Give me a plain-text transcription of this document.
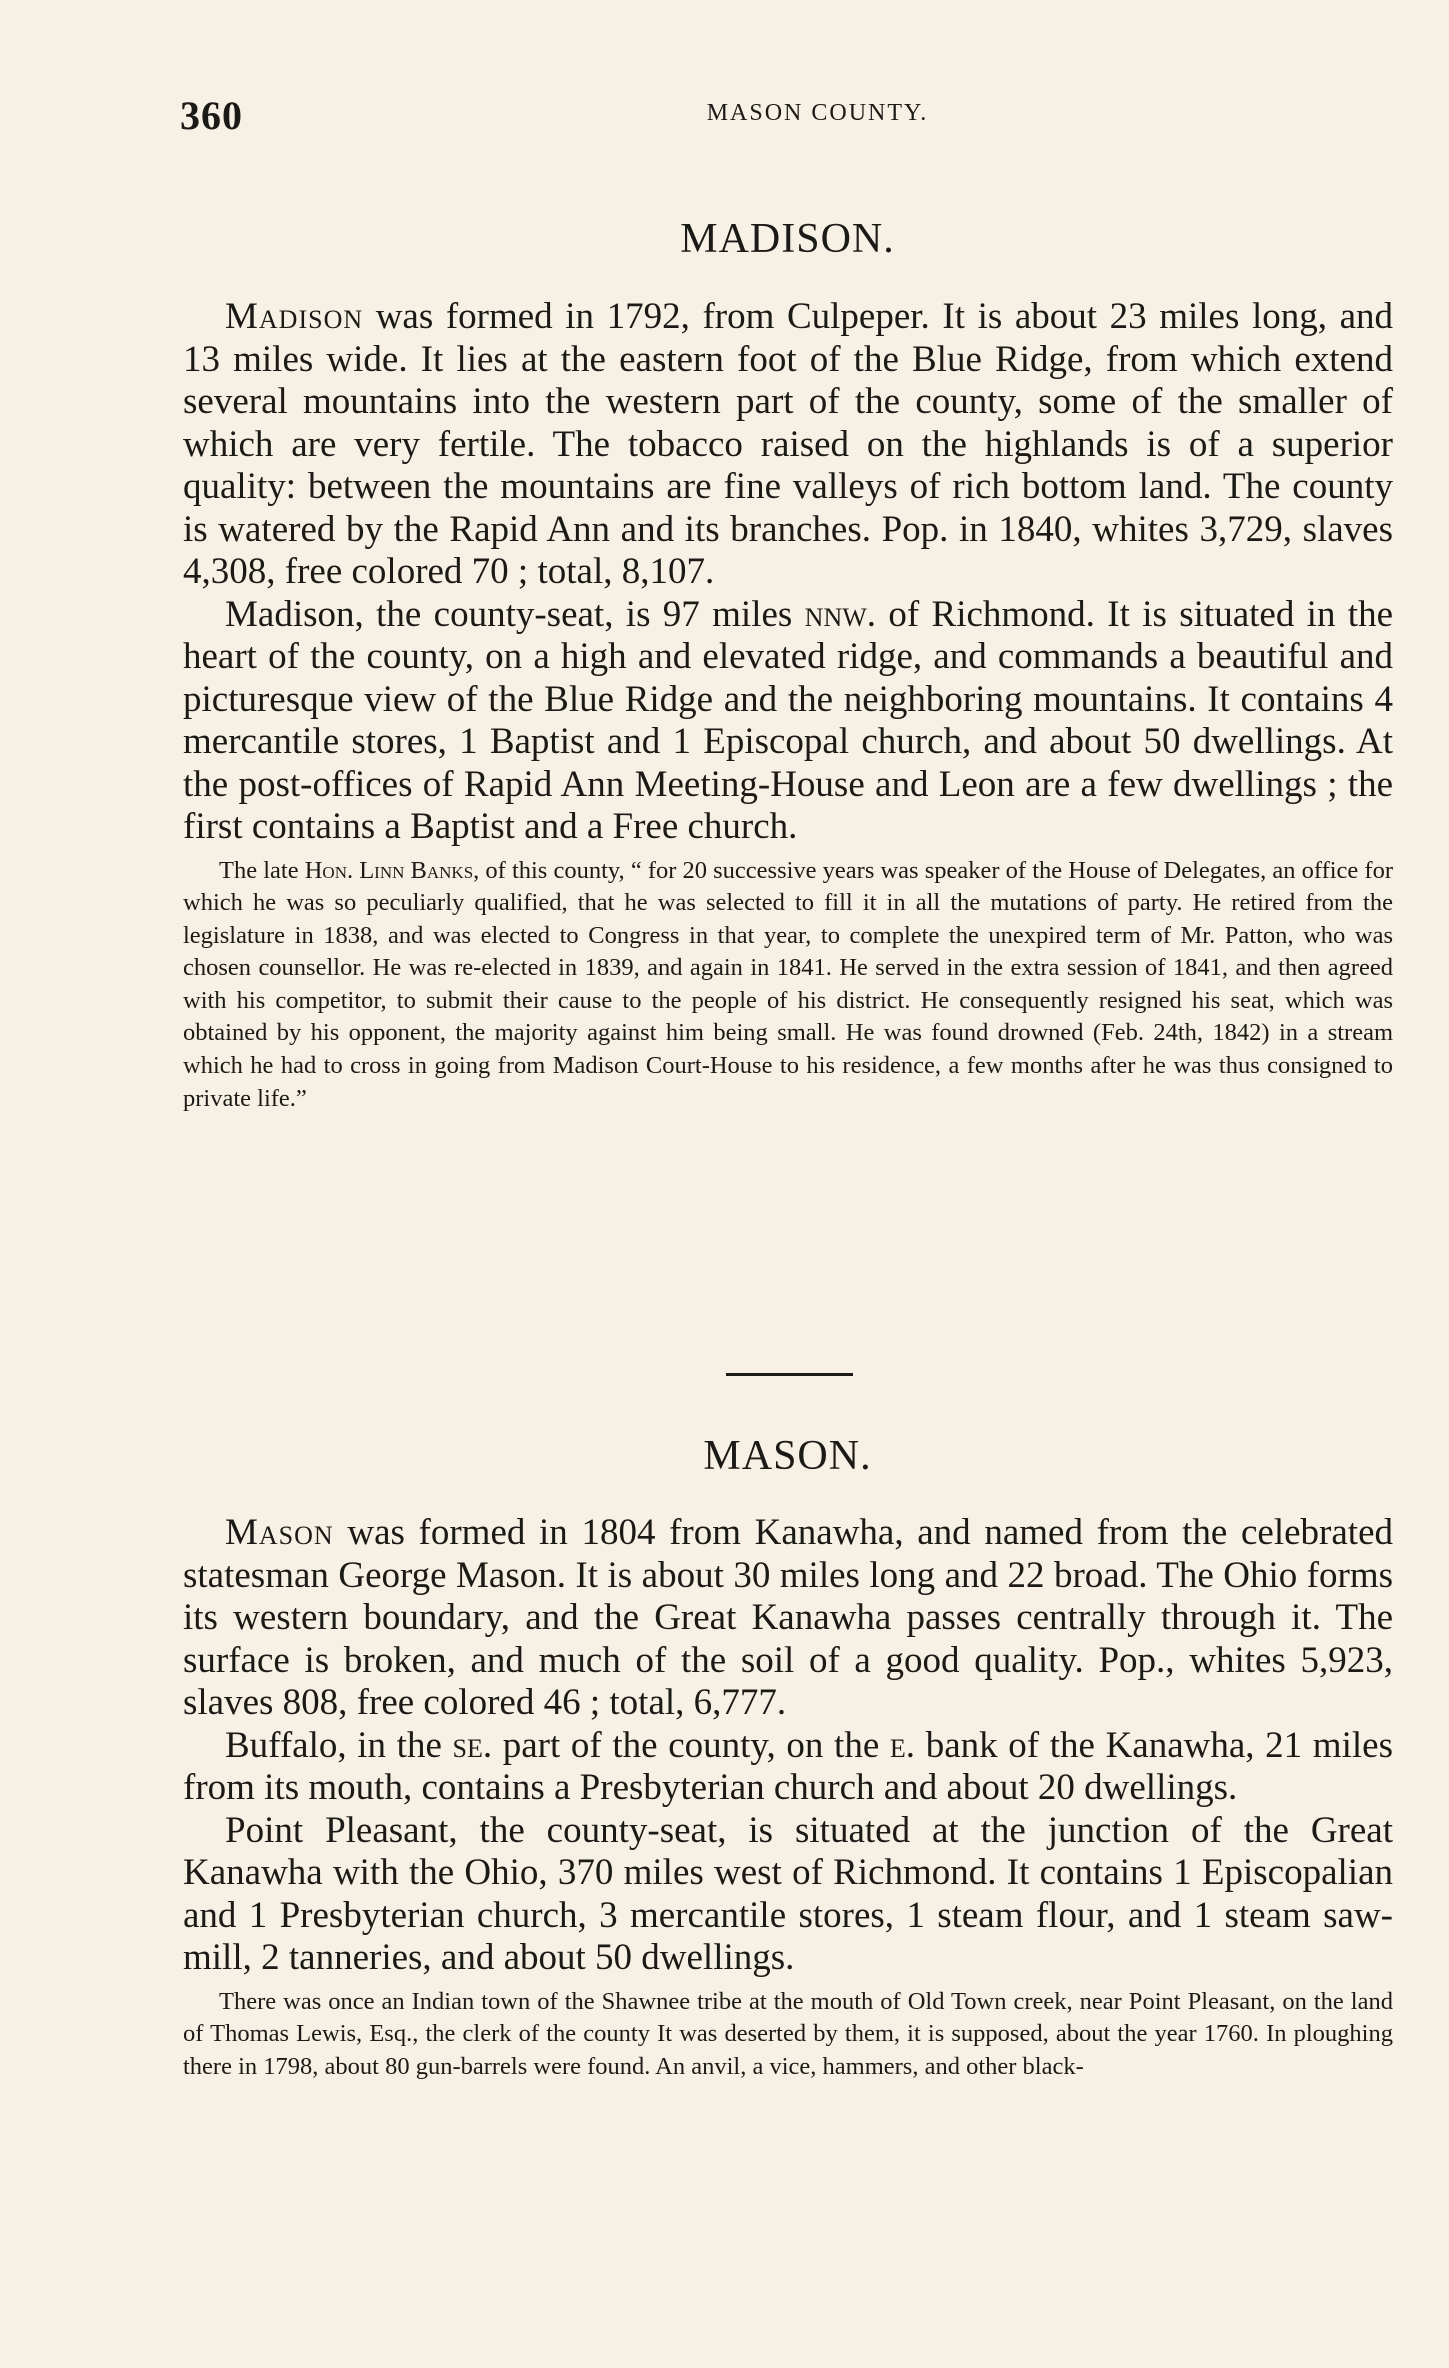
360	MASON COUNTY.
MADISON.

Madison was formed in 1792, from Culpeper. It is about 23 miles long, and 13 miles wide. It lies at the eastern foot of the Blue Ridge, from which extend several mountains into the western part of the county, some of the smaller of which are very fertile. The tobacco raised on the highlands is of a superior quality: between the mountains are fine valleys of rich bottom land. The county is watered by the Rapid Ann and its branches. Pop. in 1840, whites 3,729, slaves 4,308, free colored 70 ; total, 8,107.

Madison, the county-seat, is 97 miles nnw. of Richmond. It is situated in the heart of the county, on a high and elevated ridge, and commands a beautiful and picturesque view of the Blue Ridge and the neighboring mountains. It contains 4 mercantile stores, 1 Baptist and 1 Episcopal church, and about 50 dwellings. At the post-offices of Rapid Ann Meeting-House and Leon are a few dwellings ; the first contains a Baptist and a Free church.

The late Hon. Linn Banks, of this county, “ for 20 successive years was speaker of the House of Delegates, an office for which he was so peculiarly qualified, that he was selected to fill it in all the mutations of party. He retired from the legislature in 1838, and was elected to Congress in that year, to complete the unexpired term of Mr. Patton, who was chosen counsellor. He was re-elected in 1839, and again in 1841. He served in the extra session of 1841, and then agreed with his competitor, to submit their cause to the people of his district. He consequently resigned his seat, which was obtained by his opponent, the majority against him being small. He was found drowned (Feb. 24th, 1842) in a stream which he had to cross in going from Madison Court-House to his residence, a few months after he was thus consigned to private life.”

MASON.

Mason was formed in 1804 from Kanawha, and named from the celebrated statesman George Mason. It is about 30 miles long and 22 broad. The Ohio forms its western boundary, and the Great Kanawha passes centrally through it. The surface is broken, and much of the soil of a good quality. Pop., whites 5,923, slaves 808, free colored 46 ; total, 6,777.

Buffalo, in the se. part of the county, on the e. bank of the Kanawha, 21 miles from its mouth, contains a Presbyterian church and about 20 dwellings.

Point Pleasant, the county-seat, is situated at the junction of the Great Kanawha with the Ohio, 370 miles west of Richmond. It contains 1 Episcopalian and 1 Presbyterian church, 3 mercantile stores, 1 steam flour, and 1 steam saw-mill, 2 tanneries, and about 50 dwellings.

There was once an Indian town of the Shawnee tribe at the mouth of Old Town creek, near Point Pleasant, on the land of Thomas Lewis, Esq., the clerk of the county It was deserted by them, it is supposed, about the year 1760. In ploughing there in 1798, about 80 gun-barrels were found. An anvil, a vice, hammers, and other black-
